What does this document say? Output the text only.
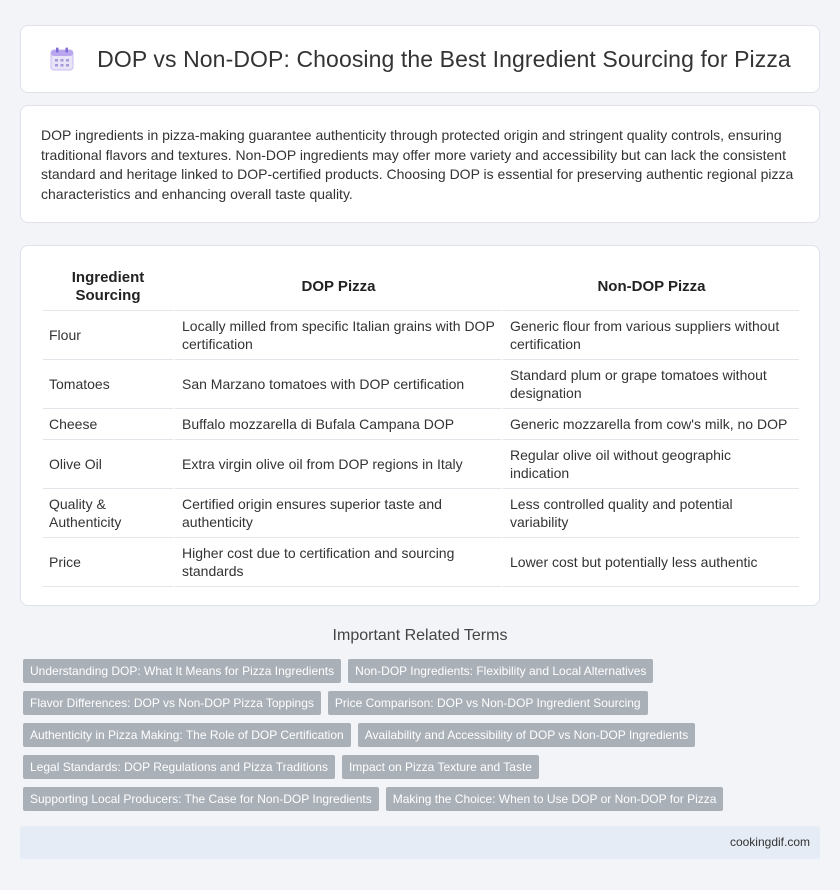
DOP vs Non-DOP: Choosing the Best Ingredient Sourcing for Pizza

DOP ingredients in pizza-making guarantee authenticity through protected origin and stringent quality controls, ensuring traditional flavors and textures. Non-DOP ingredients may offer more variety and accessibility but can lack the consistent standard and heritage linked to DOP-certified products. Choosing DOP is essential for preserving authentic regional pizza characteristics and enhancing overall taste quality.

Ingredient Sourcing	DOP Pizza	Non-DOP Pizza
Flour	Locally milled from specific Italian grains with DOP certification	Generic flour from various suppliers without certification
Tomatoes	San Marzano tomatoes with DOP certification	Standard plum or grape tomatoes without designation
Cheese	Buffalo mozzarella di Bufala Campana DOP	Generic mozzarella from cow's milk, no DOP
Olive Oil	Extra virgin olive oil from DOP regions in Italy	Regular olive oil without geographic indication
Quality & Authenticity	Certified origin ensures superior taste and authenticity	Less controlled quality and potential variability
Price	Higher cost due to certification and sourcing standards	Lower cost but potentially less authentic
Important Related Terms
Understanding DOP: What It Means for Pizza Ingredients	Non-DOP Ingredients: Flexibility and Local Alternatives
Flavor Differences: DOP vs Non-DOP Pizza Toppings	Price Comparison: DOP vs Non-DOP Ingredient Sourcing
Authenticity in Pizza Making: The Role of DOP Certification	Availability and Accessibility of DOP vs Non-DOP Ingredients
Legal Standards: DOP Regulations and Pizza Traditions	Impact on Pizza Texture and Taste
Supporting Local Producers: The Case for Non-DOP Ingredients	Making the Choice: When to Use DOP or Non-DOP for Pizza
cookingdif.com
